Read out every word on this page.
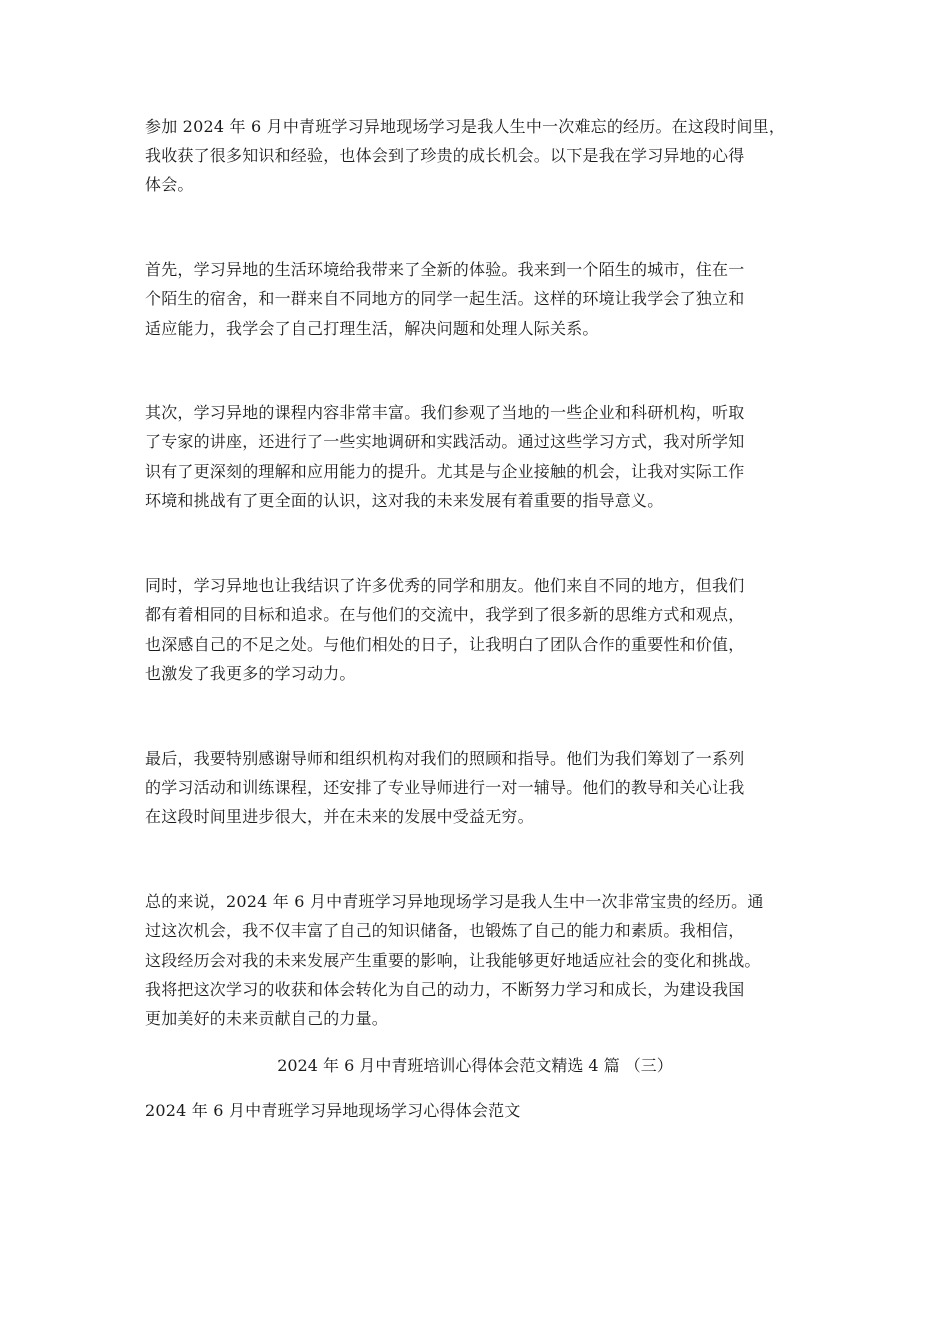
参加 2024 年 6 月中青班学习异地现场学习是我人生中一次难忘的经历。在这段时间里，
我收获了很多知识和经验，也体会到了珍贵的成长机会。以下是我在学习异地的心得
体会。
首先，学习异地的生活环境给我带来了全新的体验。我来到一个陌生的城市，住在一
个陌生的宿舍，和一群来自不同地方的同学一起生活。这样的环境让我学会了独立和
适应能力，我学会了自己打理生活，解决问题和处理人际关系。
其次，学习异地的课程内容非常丰富。我们参观了当地的一些企业和科研机构，听取
了专家的讲座，还进行了一些实地调研和实践活动。通过这些学习方式，我对所学知
识有了更深刻的理解和应用能力的提升。尤其是与企业接触的机会，让我对实际工作
环境和挑战有了更全面的认识，这对我的未来发展有着重要的指导意义。
同时，学习异地也让我结识了许多优秀的同学和朋友。他们来自不同的地方，但我们
都有着相同的目标和追求。在与他们的交流中，我学到了很多新的思维方式和观点，
也深感自己的不足之处。与他们相处的日子，让我明白了团队合作的重要性和价值，
也激发了我更多的学习动力。
最后，我要特别感谢导师和组织机构对我们的照顾和指导。他们为我们筹划了一系列
的学习活动和训练课程，还安排了专业导师进行一对一辅导。他们的教导和关心让我
在这段时间里进步很大，并在未来的发展中受益无穷。
总的来说，2024 年 6 月中青班学习异地现场学习是我人生中一次非常宝贵的经历。通
过这次机会，我不仅丰富了自己的知识储备，也锻炼了自己的能力和素质。我相信，
这段经历会对我的未来发展产生重要的影响，让我能够更好地适应社会的变化和挑战。
我将把这次学习的收获和体会转化为自己的动力，不断努力学习和成长，为建设我国
更加美好的未来贡献自己的力量。
2024 年 6 月中青班培训心得体会范文精选 4 篇 （三）
2024 年 6 月中青班学习异地现场学习心得体会范文
